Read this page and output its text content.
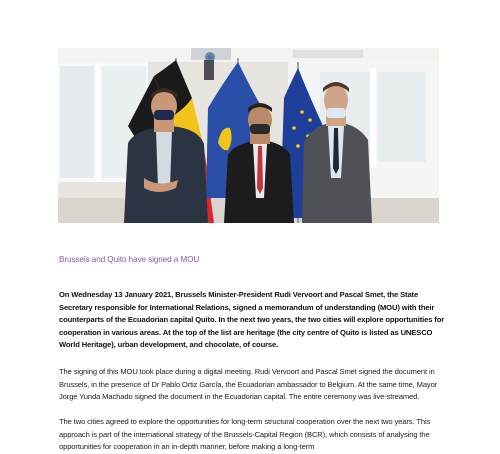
Brussels and Quito have signed a MOU

On Wednesday 13 January 2021, Brussels Minister-President Rudi Vervoort and Pascal Smet, the State Secretary responsible for International Relations, signed a memorandum of understanding (MOU) with their counterparts of the Ecuadorian capital Quito. In the next two years, the two cities will explore opportunities for cooperation in various areas. At the top of the list are heritage (the city centre of Quito is listed as UNESCO World Heritage), urban development, and chocolate, of course.

The signing of this MOU took place during a digital meeting. Rudi Vervoort and Pascal Smet signed the document in Brussels, in the presence of Dr Pablo Ortiz García, the Ecuadorian ambassador to Belgium. At the same time, Mayor Jorge Yunda Machado signed the document in the Ecuadorian capital. The entire ceremony was live-streamed.

The two cities agreed to explore the opportunities for long-term structural cooperation over the next two years. This approach is part of the international strategy of the Brussels-Capital Region (BCR), which consists of analysing the opportunities for cooperation in an in-depth manner, before making a long-term
